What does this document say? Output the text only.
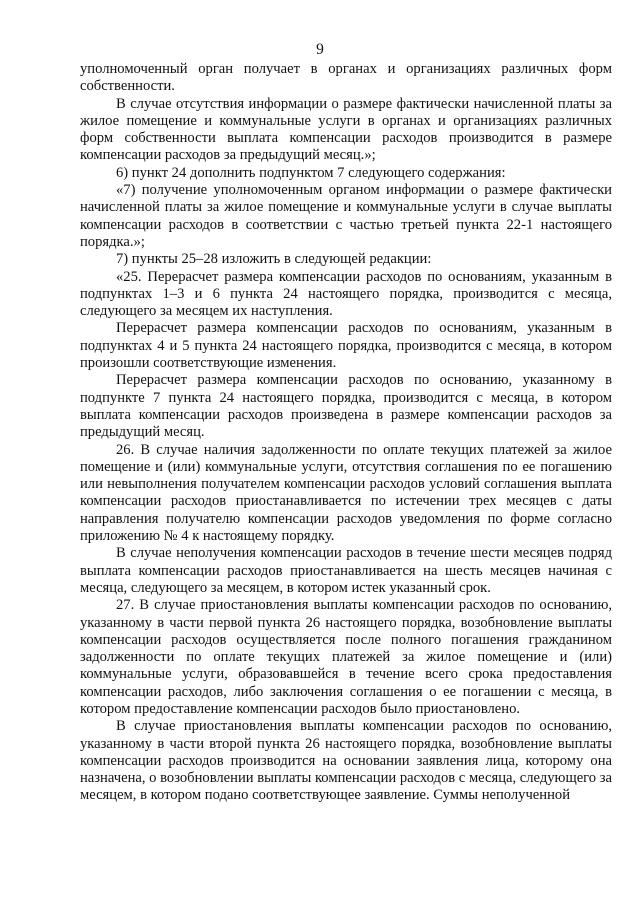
9

уполномоченный орган получает в органах и организациях различных форм собственности.

В случае отсутствия информации о размере фактически начисленной платы за жилое помещение и коммунальные услуги в органах и организациях различных форм собственности выплата компенсации расходов производится в размере компенсации расходов за предыдущий месяц.»;

6) пункт 24 дополнить подпунктом 7 следующего содержания:

«7) получение уполномоченным органом информации о размере фактически начисленной платы за жилое помещение и коммунальные услуги в случае выплаты компенсации расходов в соответствии с частью третьей пункта 22-1 настоящего порядка.»;

7) пункты 25–28 изложить в следующей редакции:

«25. Перерасчет размера компенсации расходов по основаниям, указанным в подпунктах 1–3 и 6 пункта 24 настоящего порядка, производится с месяца, следующего за месяцем их наступления.

Перерасчет размера компенсации расходов по основаниям, указанным в подпунктах 4 и 5 пункта 24 настоящего порядка, производится с месяца, в котором произошли соответствующие изменения.

Перерасчет размера компенсации расходов по основанию, указанному в подпункте 7 пункта 24 настоящего порядка, производится с месяца, в котором выплата компенсации расходов произведена в размере компенсации расходов за предыдущий месяц.

26. В случае наличия задолженности по оплате текущих платежей за жилое помещение и (или) коммунальные услуги, отсутствия соглашения по ее погашению или невыполнения получателем компенсации расходов условий соглашения выплата компенсации расходов приостанавливается по истечении трех месяцев с даты направления получателю компенсации расходов уведомления по форме согласно приложению № 4 к настоящему порядку.

В случае неполучения компенсации расходов в течение шести месяцев подряд выплата компенсации расходов приостанавливается на шесть месяцев начиная с месяца, следующего за месяцем, в котором истек указанный срок.

27. В случае приостановления выплаты компенсации расходов по основанию, указанному в части первой пункта 26 настоящего порядка, возобновление выплаты компенсации расходов осуществляется после полного погашения гражданином задолженности по оплате текущих платежей за жилое помещение и (или) коммунальные услуги, образовавшейся в течение всего срока предоставления компенсации расходов, либо заключения соглашения о ее погашении с месяца, в котором предоставление компенсации расходов было приостановлено.

В случае приостановления выплаты компенсации расходов по основанию, указанному в части второй пункта 26 настоящего порядка, возобновление выплаты компенсации расходов производится на основании заявления лица, которому она назначена, о возобновлении выплаты компенсации расходов с месяца, следующего за месяцем, в котором подано соответствующее заявление. Суммы неполученной
